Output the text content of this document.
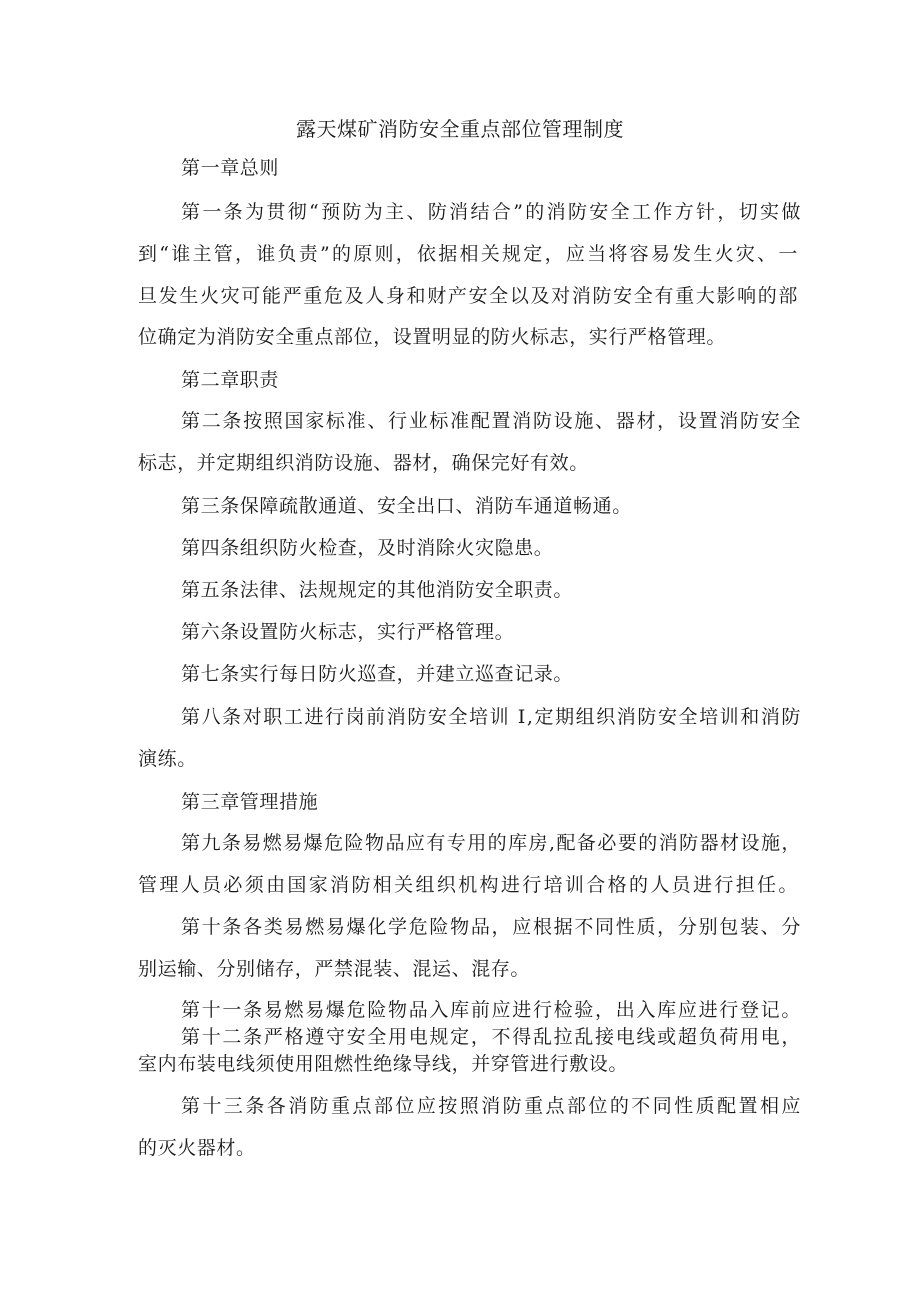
露天煤矿消防安全重点部位管理制度
第一章总则
第一条为贯彻“预防为主、防消结合”的消防安全工作方针，切实做
到“谁主管，谁负责”的原则，依据相关规定，应当将容易发生火灾、一
旦发生火灾可能严重危及人身和财产安全以及对消防安全有重大影响的部
位确定为消防安全重点部位，设置明显的防火标志，实行严格管理。
第二章职责
第二条按照国家标准、行业标准配置消防设施、器材，设置消防安全
标志，并定期组织消防设施、器材，确保完好有效。
第三条保障疏散通道、安全出口、消防车通道畅通。
第四条组织防火检查，及时消除火灾隐患。
第五条法律、法规规定的其他消防安全职责。
第六条设置防火标志，实行严格管理。
第七条实行每日防火巡查，并建立巡查记录。
第八条对职工进行岗前消防安全培训 Ⅰ,定期组织消防安全培训和消防
演练。
第三章管理措施
第九条易燃易爆危险物品应有专用的库房,配备必要的消防器材设施，
管理人员必须由国家消防相关组织机构进行培训合格的人员进行担任。
第十条各类易燃易爆化学危险物品，应根据不同性质，分别包装、分
别运输、分别储存，严禁混装、混运、混存。
第十一条易燃易爆危险物品入库前应进行检验，出入库应进行登记。
第十二条严格遵守安全用电规定，不得乱拉乱接电线或超负荷用电，
室内布装电线须使用阻燃性绝缘导线，并穿管进行敷设。
第十三条各消防重点部位应按照消防重点部位的不同性质配置相应
的灭火器材。
